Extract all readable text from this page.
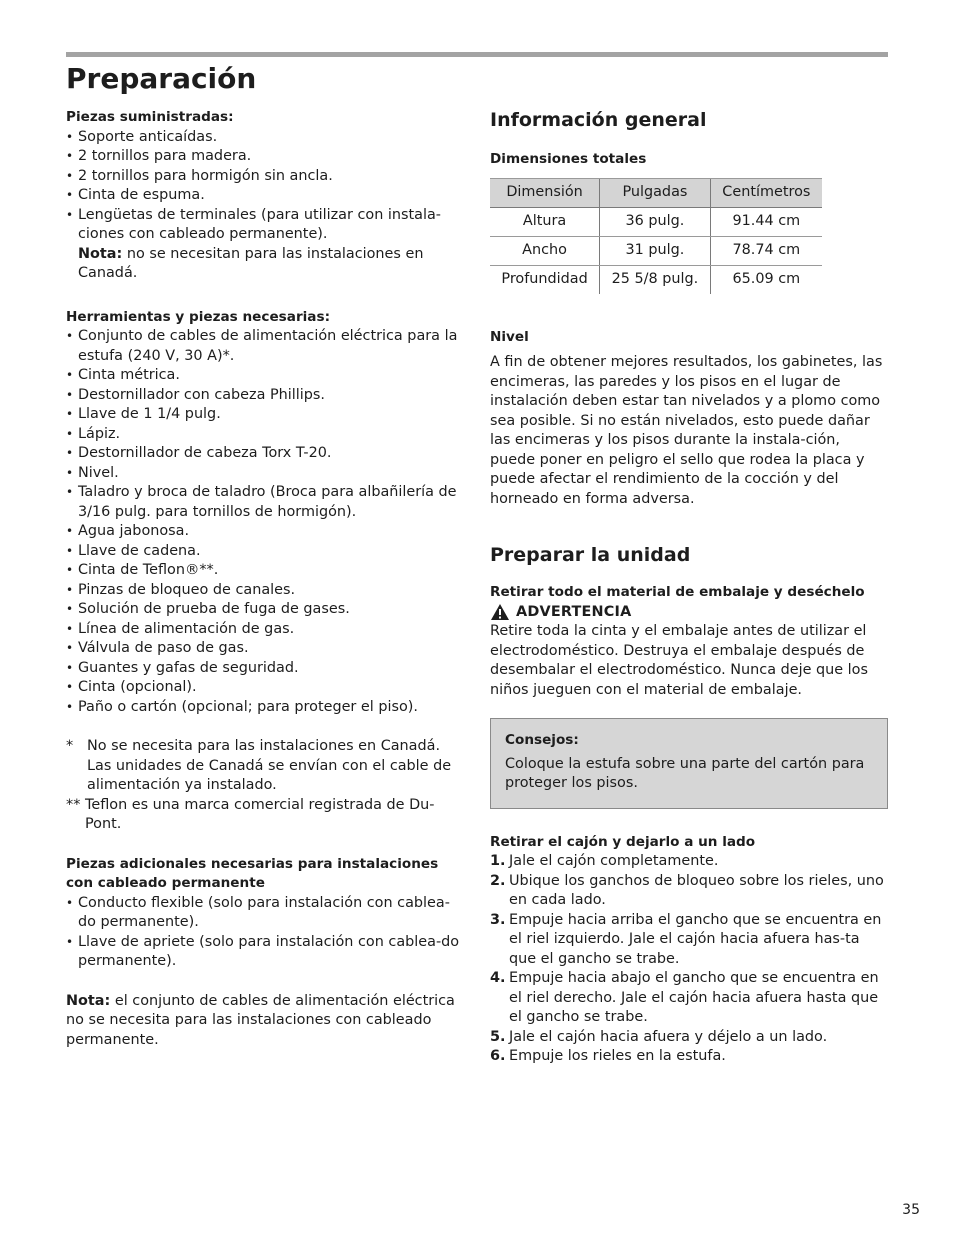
Preparación

Piezas suministradas:

• Soporte anticaídas.
• 2 tornillos para madera.
• 2 tornillos para hormigón sin ancla.
• Cinta de espuma.
• Lengüetas de terminales (para utilizar con instala-ciones con cableado permanente).

Nota: no se necesitan para las instalaciones en Canadá.

Herramientas y piezas necesarias:

• Conjunto de cables de alimentación eléctrica para la estufa (240 V, 30 A)*.
• Cinta métrica.
• Destornillador con cabeza Phillips.
• Llave de 1 1/4 pulg.
• Lápiz.
• Destornillador de cabeza Torx T-20.
• Nivel.
• Taladro y broca de taladro (Broca para albañilería de 3/16 pulg. para tornillos de hormigón).
• Agua jabonosa.
• Llave de cadena.
• Cinta de Teflon®**.
• Pinzas de bloqueo de canales.
• Solución de prueba de fuga de gases.
• Línea de alimentación de gas.
• Válvula de paso de gas.
• Guantes y gafas de seguridad.
• Cinta (opcional).
• Paño o cartón (opcional; para proteger el piso).
* No se necesita para las instalaciones en Canadá. Las unidades de Canadá se envían con el cable de alimentación ya instalado.
** Teflon es una marca comercial registrada de Du-Pont.

Piezas adicionales necesarias para instalaciones con cableado permanente

• Conducto flexible (solo para instalación con cablea-do permanente).
• Llave de apriete (solo para instalación con cablea-do permanente).

Nota: el conjunto de cables de alimentación eléctrica no se necesita para las instalaciones con cableado permanente.

Información general

Dimensiones totales

Dimensión	Pulgadas	Centímetros
Altura	36 pulg.	91.44 cm
Ancho	31 pulg.	78.74 cm
Profundidad	25 5/8 pulg.	65.09 cm

Nivel

A fin de obtener mejores resultados, los gabinetes, las encimeras, las paredes y los pisos en el lugar de instalación deben estar tan nivelados y a plomo como sea posible. Si no están nivelados, esto puede dañar las encimeras y los pisos durante la instala-ción, puede poner en peligro el sello que rodea la placa y puede afectar el rendimiento de la cocción y del horneado en forma adversa.

Preparar la unidad

Retirar todo el material de embalaje y deséchelo

ADVERTENCIA

Retire toda la cinta y el embalaje antes de utilizar el electrodoméstico. Destruya el embalaje después de desembalar el electrodoméstico. Nunca deje que los niños jueguen con el material de embalaje.

Consejos:

Coloque la estufa sobre una parte del cartón para proteger los pisos.

Retirar el cajón y dejarlo a un lado

1. Jale el cajón completamente.
2. Ubique los ganchos de bloqueo sobre los rieles, uno en cada lado.
3. Empuje hacia arriba el gancho que se encuentra en el riel izquierdo. Jale el cajón hacia afuera has-ta que el gancho se trabe.
4. Empuje hacia abajo el gancho que se encuentra en el riel derecho. Jale el cajón hacia afuera hasta que el gancho se trabe.
5. Jale el cajón hacia afuera y déjelo a un lado.
6. Empuje los rieles en la estufa.
35
